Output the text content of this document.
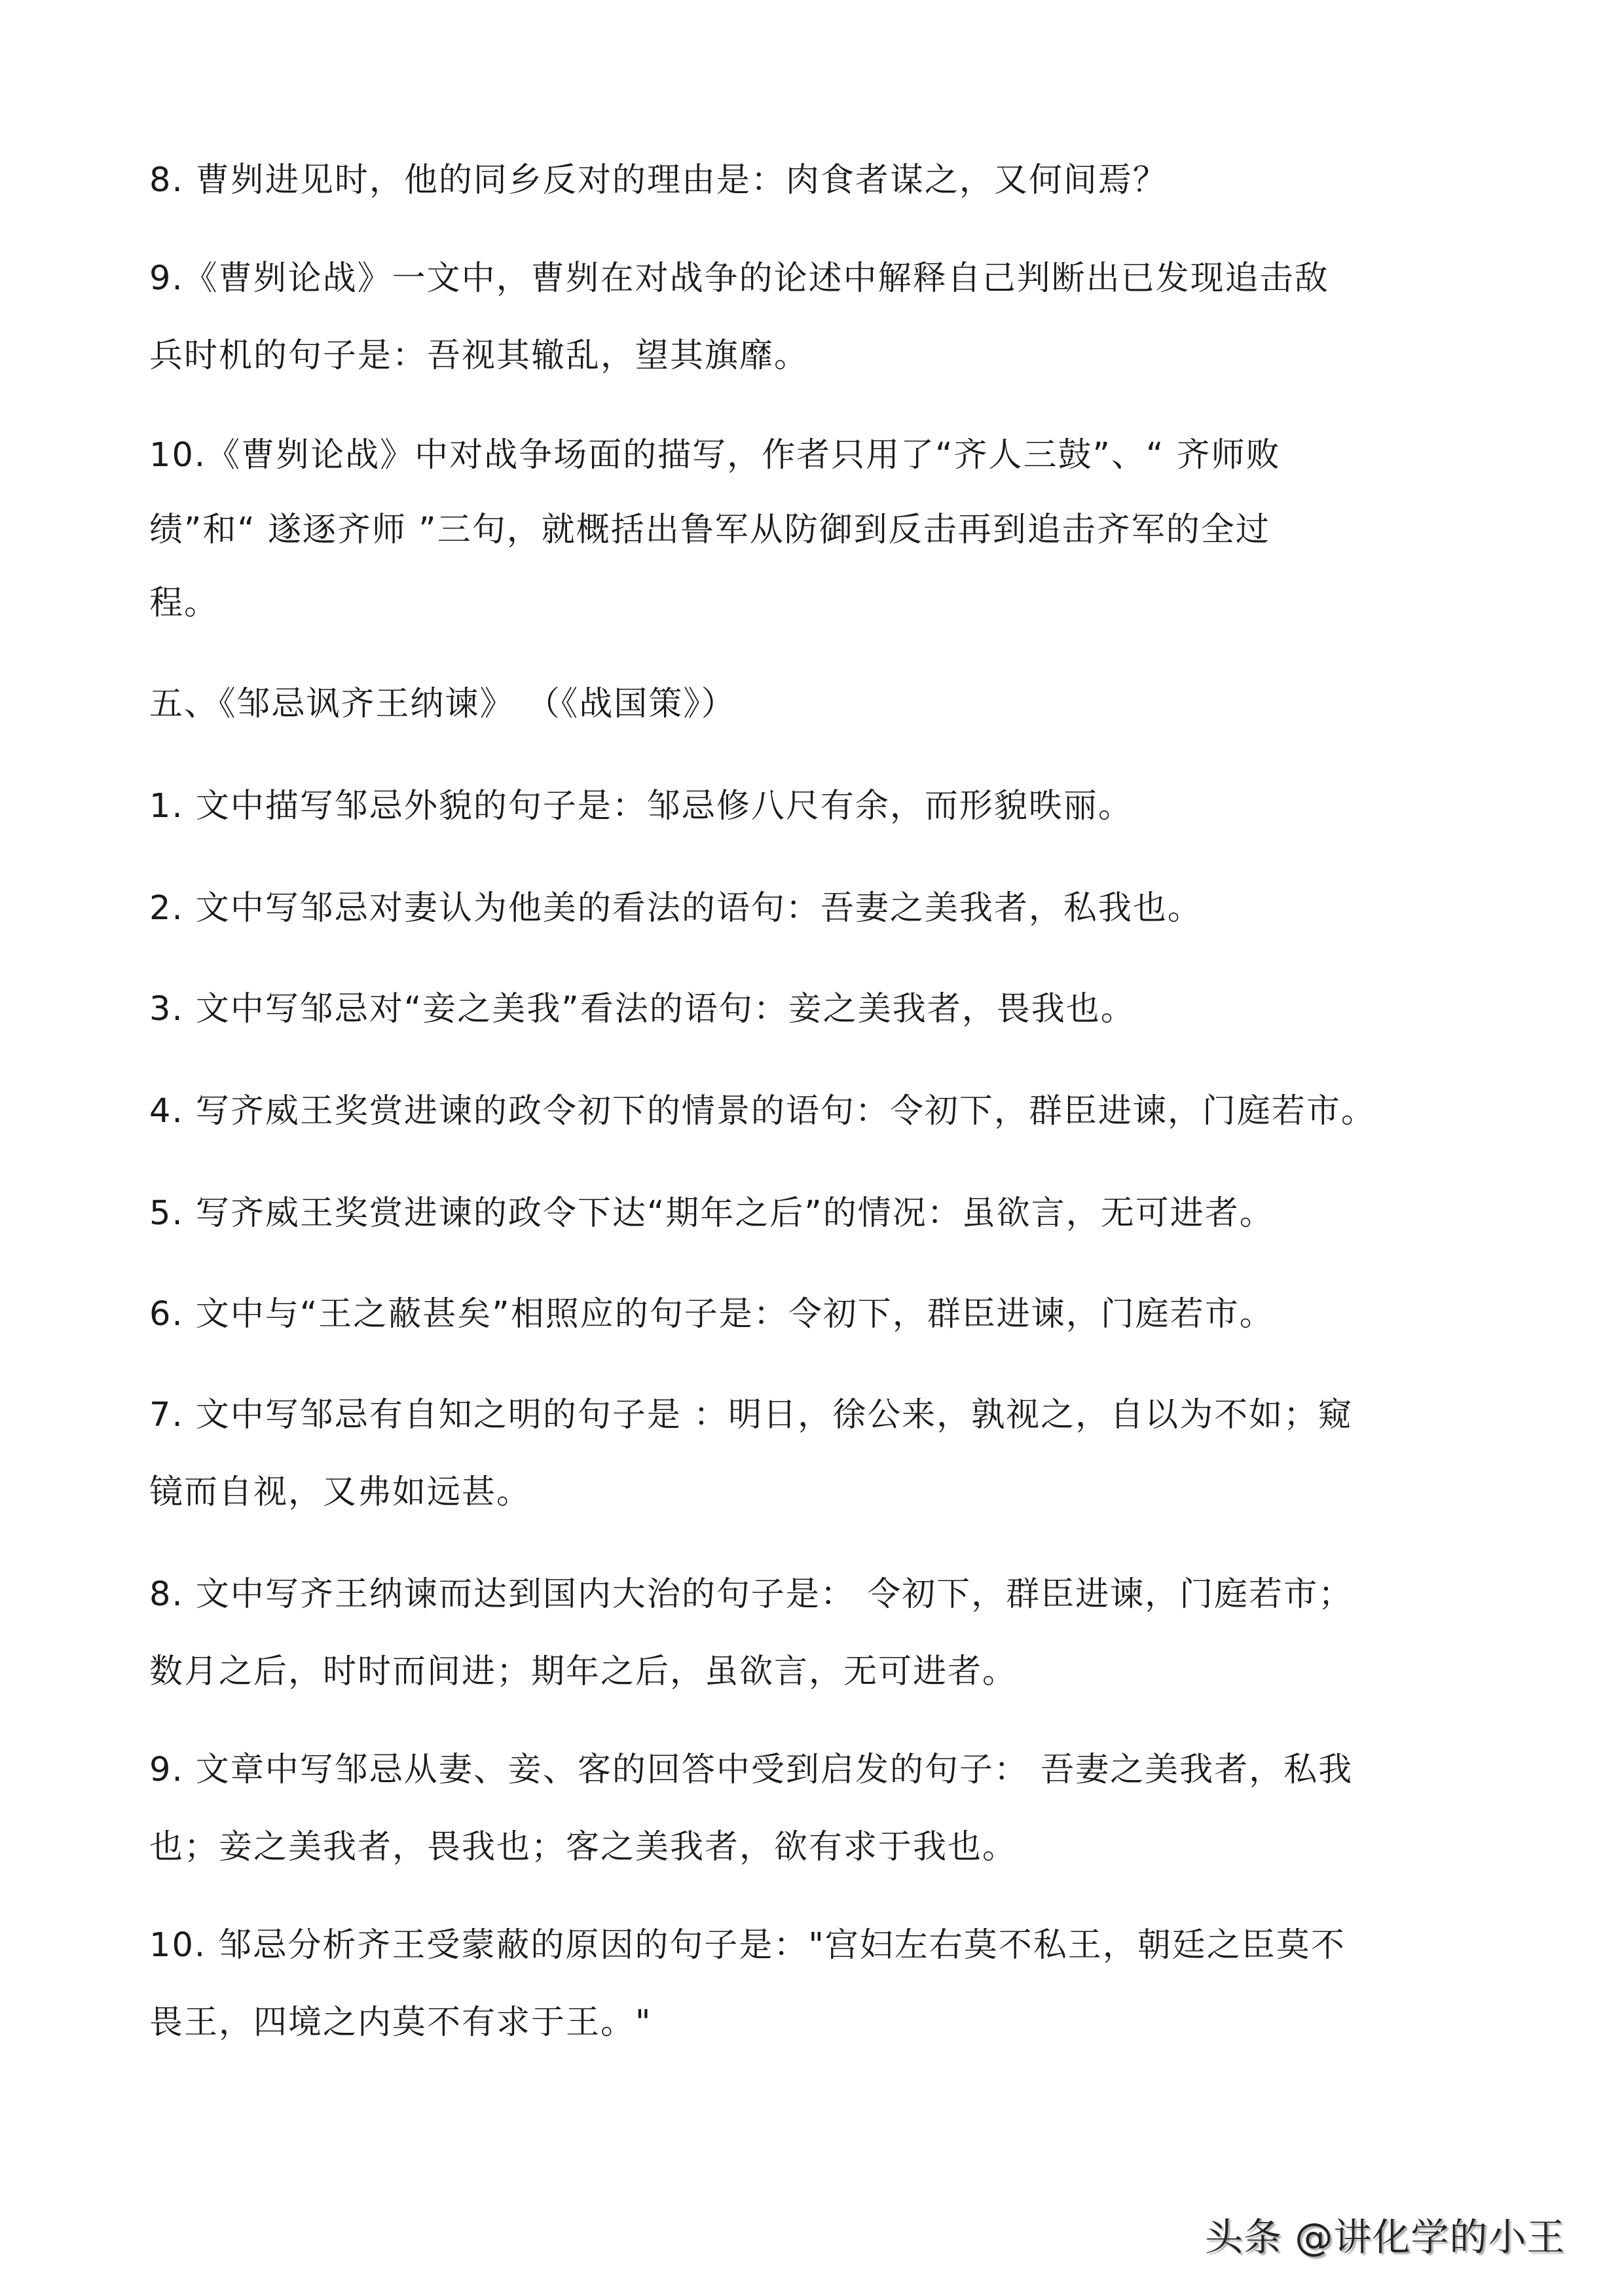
8. 曹刿进见时，他的同乡反对的理由是：肉食者谋之，又何间焉？
9.《曹刿论战》一文中，曹刿在对战争的论述中解释自己判断出已发现追击敌
兵时机的句子是：吾视其辙乱，望其旗靡。
10.《曹刿论战》中对战争场面的描写，作者只用了“齐人三鼓”、“ 齐师败
绩”和“ 遂逐齐师 ”三句，就概括出鲁军从防御到反击再到追击齐军的全过
程。
五、《邹忌讽齐王纳谏》 （《战国策》）
1. 文中描写邹忌外貌的句子是：邹忌修八尺有余，而形貌昳丽。
2. 文中写邹忌对妻认为他美的看法的语句：吾妻之美我者，私我也。
3. 文中写邹忌对“妾之美我”看法的语句：妾之美我者，畏我也。
4. 写齐威王奖赏进谏的政令初下的情景的语句：令初下，群臣进谏，门庭若市。
5. 写齐威王奖赏进谏的政令下达“期年之后”的情况：虽欲言，无可进者。
6. 文中与“王之蔽甚矣”相照应的句子是：令初下，群臣进谏，门庭若市。
7. 文中写邹忌有自知之明的句子是 ：明日，徐公来，孰视之，自以为不如；窥
镜而自视，又弗如远甚。
8. 文中写齐王纳谏而达到国内大治的句子是： 令初下，群臣进谏，门庭若市；
数月之后，时时而间进；期年之后，虽欲言，无可进者。
9. 文章中写邹忌从妻、妾、客的回答中受到启发的句子： 吾妻之美我者，私我
也；妾之美我者，畏我也；客之美我者，欲有求于我也。
10. 邹忌分析齐王受蒙蔽的原因的句子是："宫妇左右莫不私王，朝廷之臣莫不
畏王，四境之内莫不有求于王。"
头条 @讲化学的小王
